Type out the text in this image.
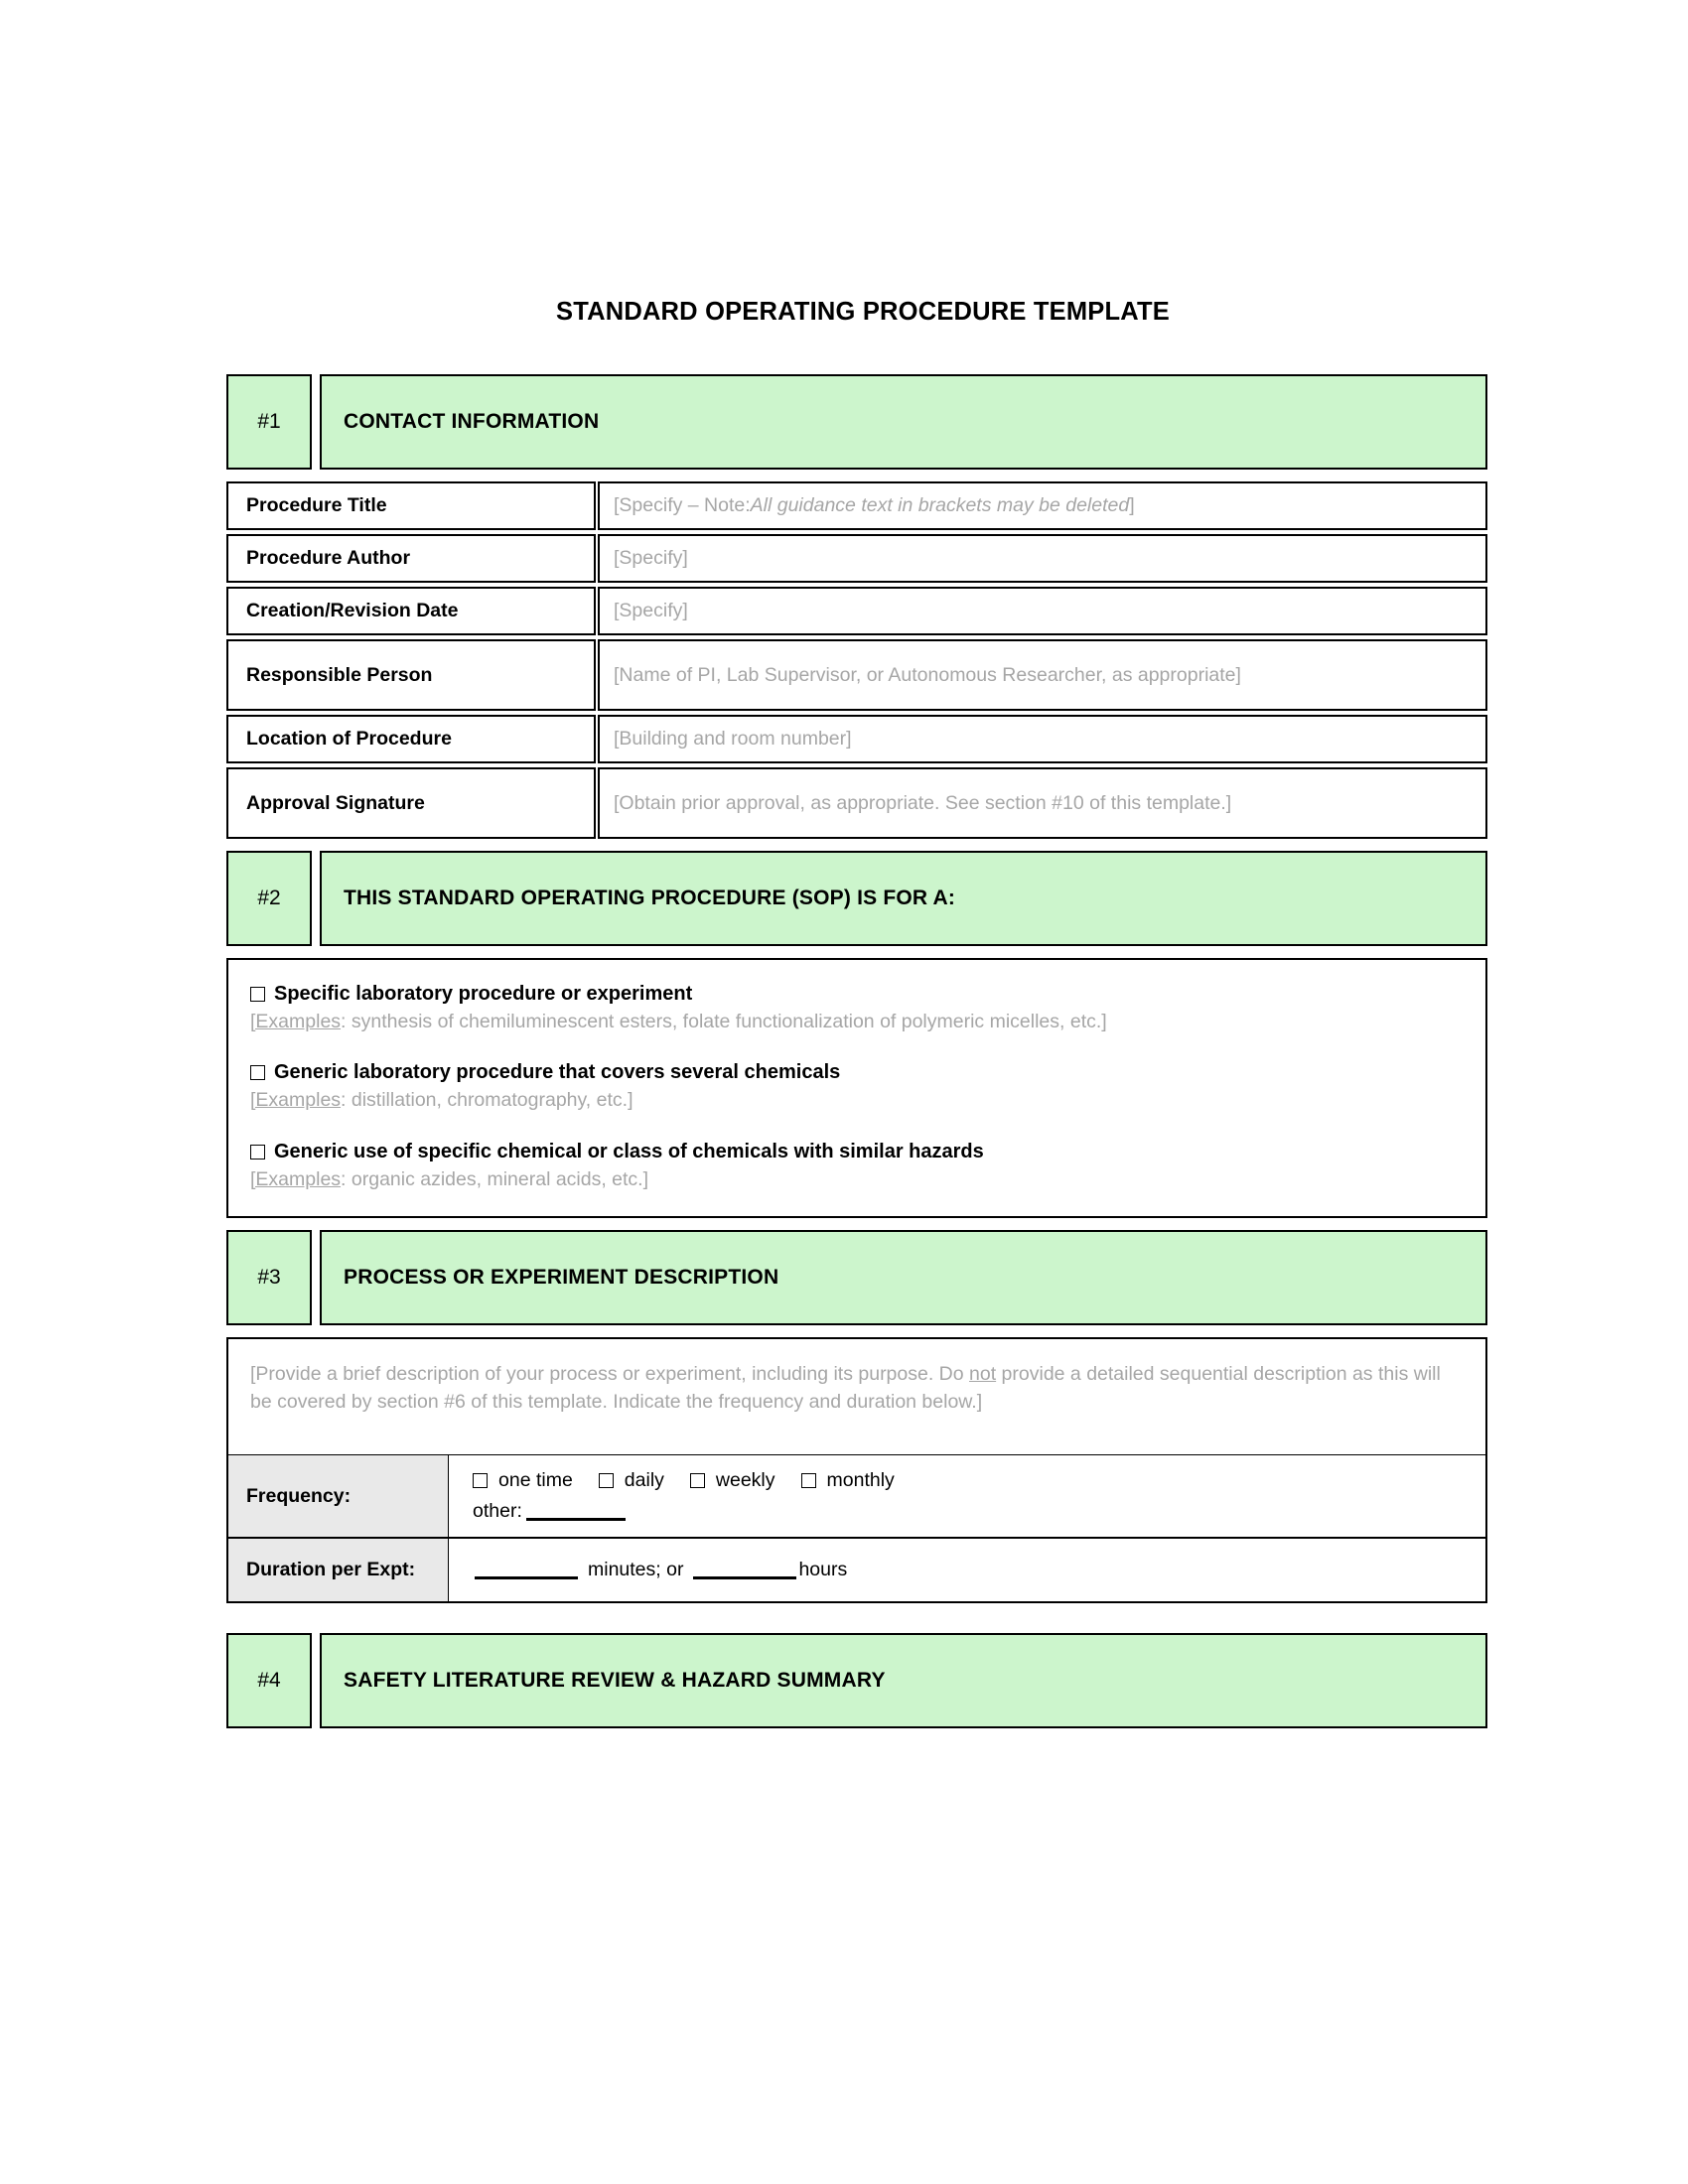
STANDARD OPERATING PROCEDURE TEMPLATE
#1	CONTACT INFORMATION
Procedure Title	[Specify – Note: All guidance text in brackets may be deleted ]
Procedure Author	[Specify]
Creation/Revision Date	[Specify]
Responsible Person	[Name of PI, Lab Supervisor, or Autonomous Researcher, as appropriate]
Location of Procedure	[Building and room number]
Approval Signature	[Obtain prior approval, as appropriate. See section #10 of this template.]
#2	THIS STANDARD OPERATING PROCEDURE (SOP) IS FOR A:
Specific laboratory procedure or experiment
[Examples: synthesis of chemiluminescent esters, folate functionalization of polymeric micelles, etc.]
Generic laboratory procedure that covers several chemicals
[Examples: distillation, chromatography, etc.]
Generic use of specific chemical or class of chemicals with similar hazards
[Examples: organic azides, mineral acids, etc.]
#3	PROCESS OR EXPERIMENT DESCRIPTION
[Provide a brief description of your process or experiment, including its purpose. Do not provide a detailed sequential description as this will be covered by section #6 of this template. Indicate the frequency and duration below.]
Frequency:
one time	daily	weekly	monthly
other:
Duration per Expt:	minutes; or	hours
#4	SAFETY LITERATURE REVIEW & HAZARD SUMMARY
